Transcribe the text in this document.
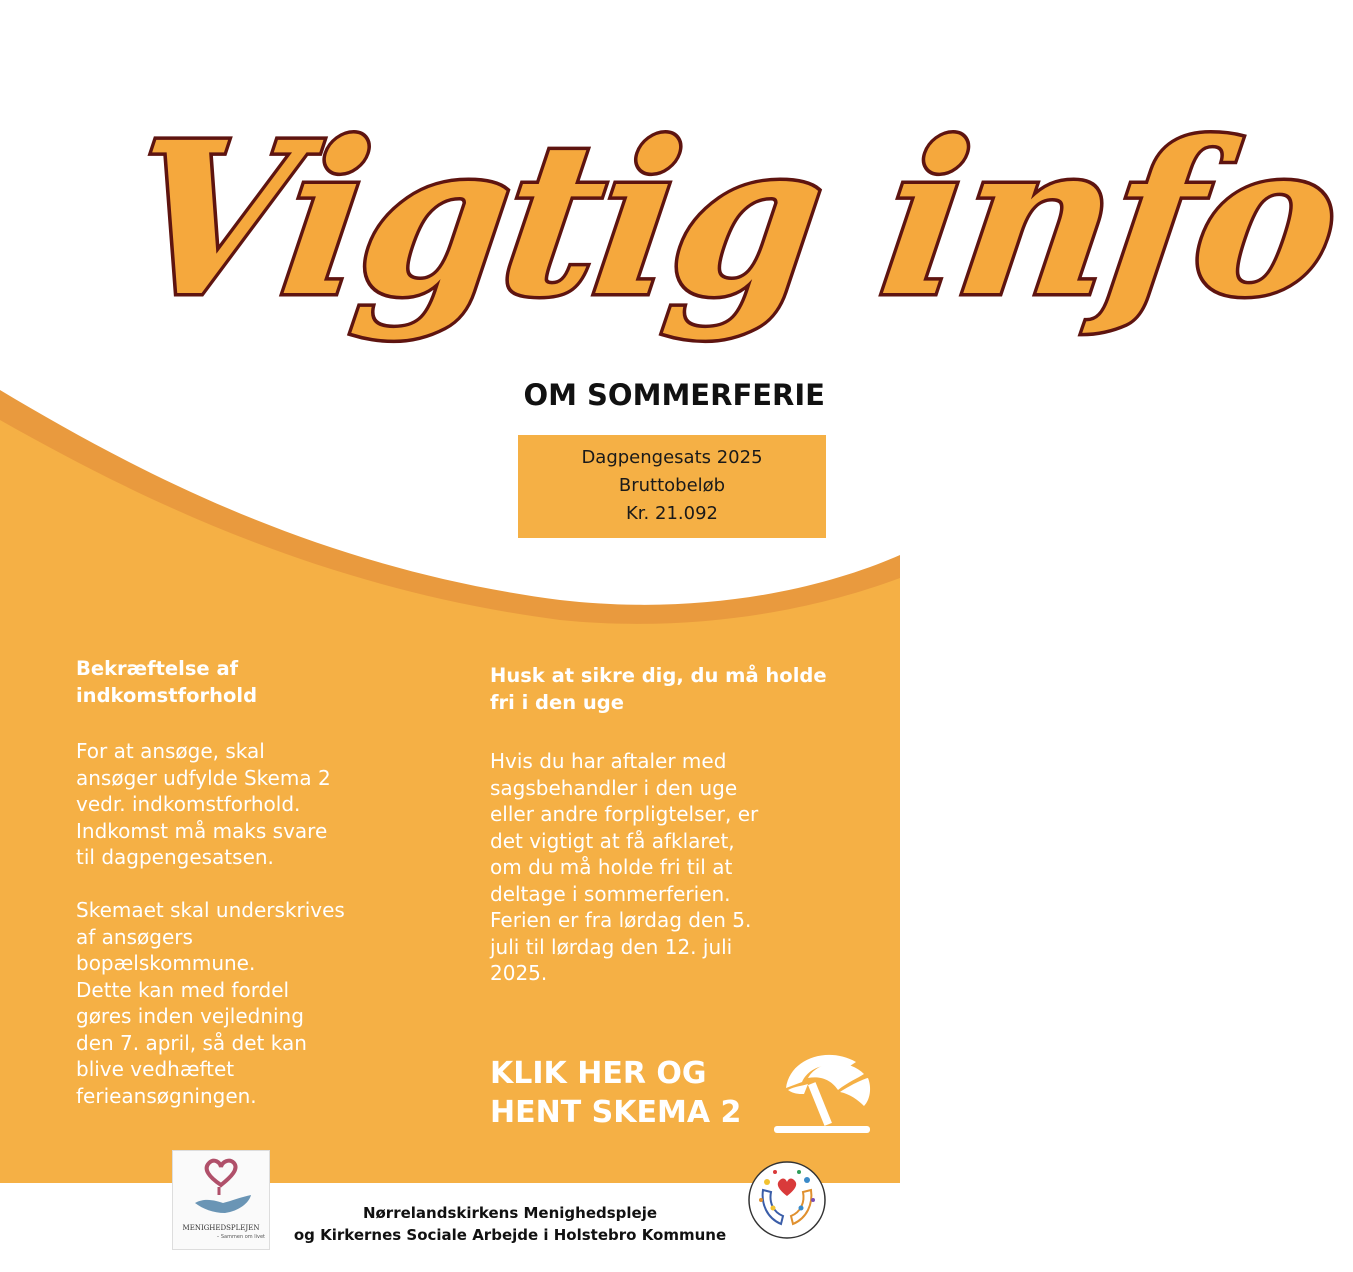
Vigtig info
OM SOMMERFERIE
Dagpengesats 2025
Bruttobeløb
Kr. 21.092
Bekræftelse af indkomstforhold
For at ansøge, skal
ansøger udfylde Skema 2
vedr. indkomstforhold.
Indkomst må maks svare
til dagpengesatsen.

Skemaet skal underskrives
af ansøgers
bopælskommune.
Dette kan med fordel
gøres inden vejledning
den 7. april, så det kan
blive vedhæftet
ferieansøgningen.
Husk at sikre dig, du må holde fri i den uge
Hvis du har aftaler med
sagsbehandler i den uge
eller andre forpligtelser, er
det vigtigt at få afklaret,
om du må holde fri til at
deltage i sommerferien.
Ferien er fra lørdag den 5.
juli til lørdag den 12. juli
2025.
KLIK HER OG
HENT SKEMA 2
MENIGHEDSPLEJEN
– Sammen om livet
Nørrelandskirkens Menighedspleje
og Kirkernes Sociale Arbejde i Holstebro Kommune
